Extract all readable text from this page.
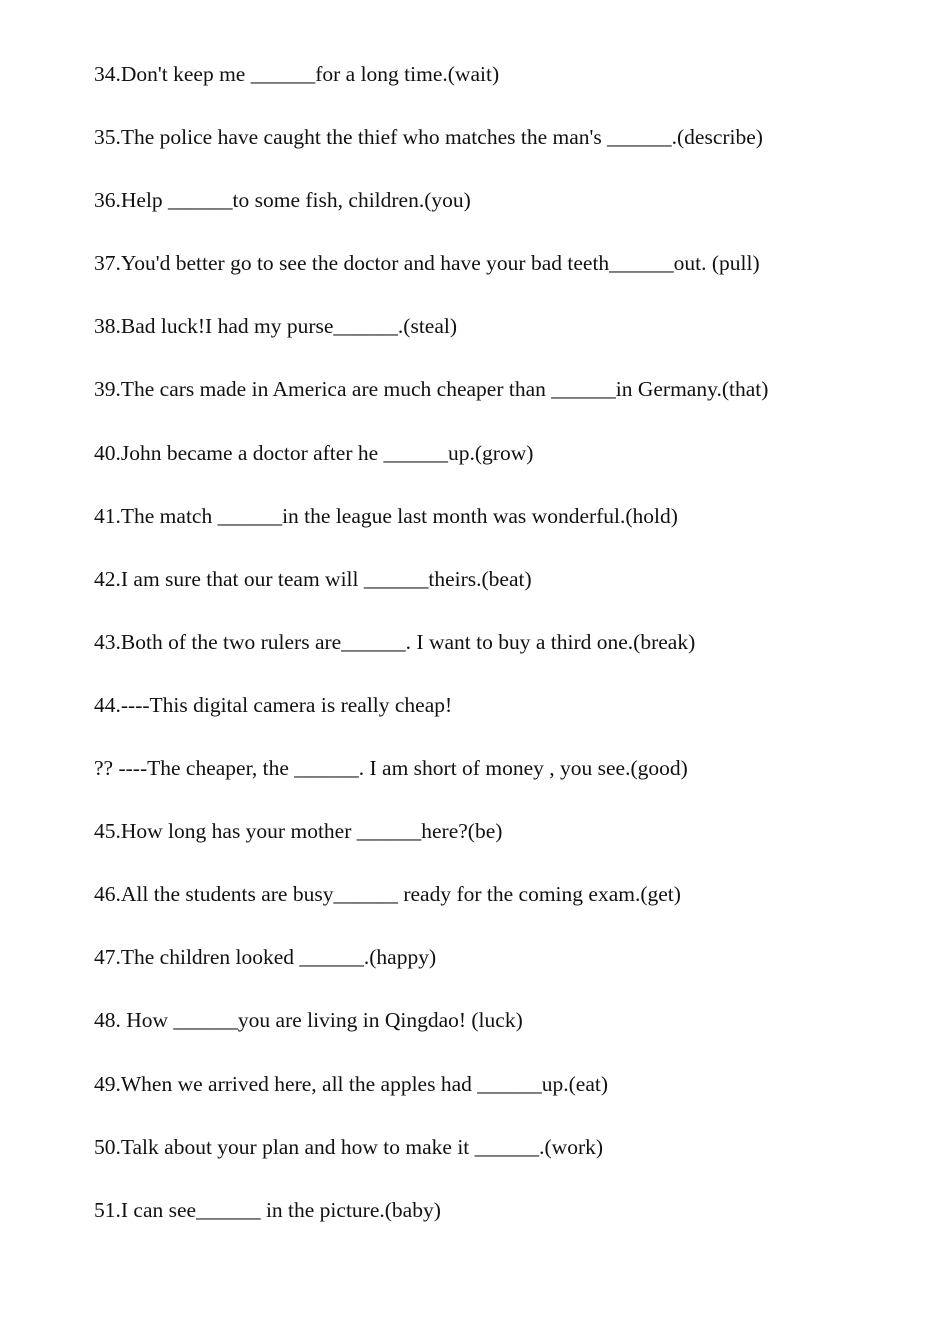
34.Don't keep me ______for a long time.(wait)
35.The police have caught the thief who matches the man's ______.(describe)
36.Help ______to some fish, children.(you)
37.You'd better go to see the doctor and have your bad teeth______out. (pull)
38.Bad luck!I had my purse______.(steal)
39.The cars made in America are much cheaper than ______in Germany.(that)
40.John became a doctor after he ______up.(grow)
41.The match ______in the league last month was wonderful.(hold)
42.I am sure that our team will ______theirs.(beat)
43.Both of the two rulers are______. I want to buy a third one.(break)
44.----This digital camera is really cheap!
?? ----The cheaper, the ______. I am short of money , you see.(good)
45.How long has your mother ______here?(be)
46.All the students are busy______ ready for the coming exam.(get)
47.The children looked ______.(happy)
48. How ______you are living in Qingdao! (luck)
49.When we arrived here, all the apples had ______up.(eat)
50.Talk about your plan and how to make it ______.(work)
51.I can see______ in the picture.(baby)
